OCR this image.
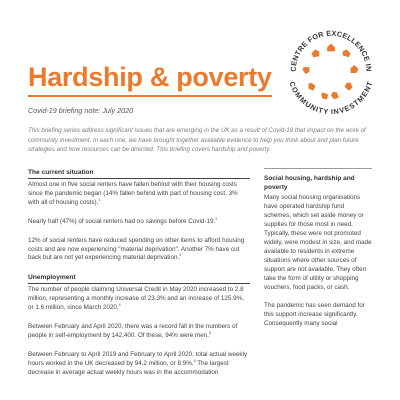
CENTRE FOR EXCELLENCE IN
COMMUNITY INVESTMENT
Hardship & poverty
Covid-19 briefing note: July 2020
This briefing series address significant issues that are emerging in the UK as a result of Covid-19 that impact on the work of community investment. In each one, we have brought together available evidence to help you think about and plan future strategies and how resources can be directed. This briefing covers hardship and poverty.
The current situation

Almost one in five social renters have fallen behind with their housing costs since the pandemic began (14% fallen behind with part of housing cost, 3% with all of housing costs).$^1$

Nearly half (47%) of social renters had no savings before Covid-19.$^2$

12% of social renters have reduced spending on other items to afford housing costs and are now experiencing "material deprivation". Another 7% have cut back but are not yet experiencing material deprivation.$^3$

Unemployment

The number of people claiming Universal Credit in May 2020 increased to 2.8 million, representing a monthly increase of 23.3% and an increase of 125.9%, or 1.6 million, since March 2020.$^4$

Between February and April 2020, there was a record fall in the numbers of people in self-employment by 142,400. Of these, 94% were men.$^5$

Between February to April 2019 and February to April 2020, total actual weekly hours worked in the UK decreased by 94.2 million, or 8.9%.$^6$ The largest decrease in average actual weekly hours was in the accommodation

Social housing, hardship and poverty

Many social housing organisations have operated hardship fund schemes, which set aside money or supplies for those most in need. Typically, these were not promoted widely, were modest in size, and made available to residents in extreme situations where other sources of support are not available. They often take the form of utility or shopping vouchers, food packs, or cash.

The pandemic has seen demand for this support increase significantly. Consequently many social
